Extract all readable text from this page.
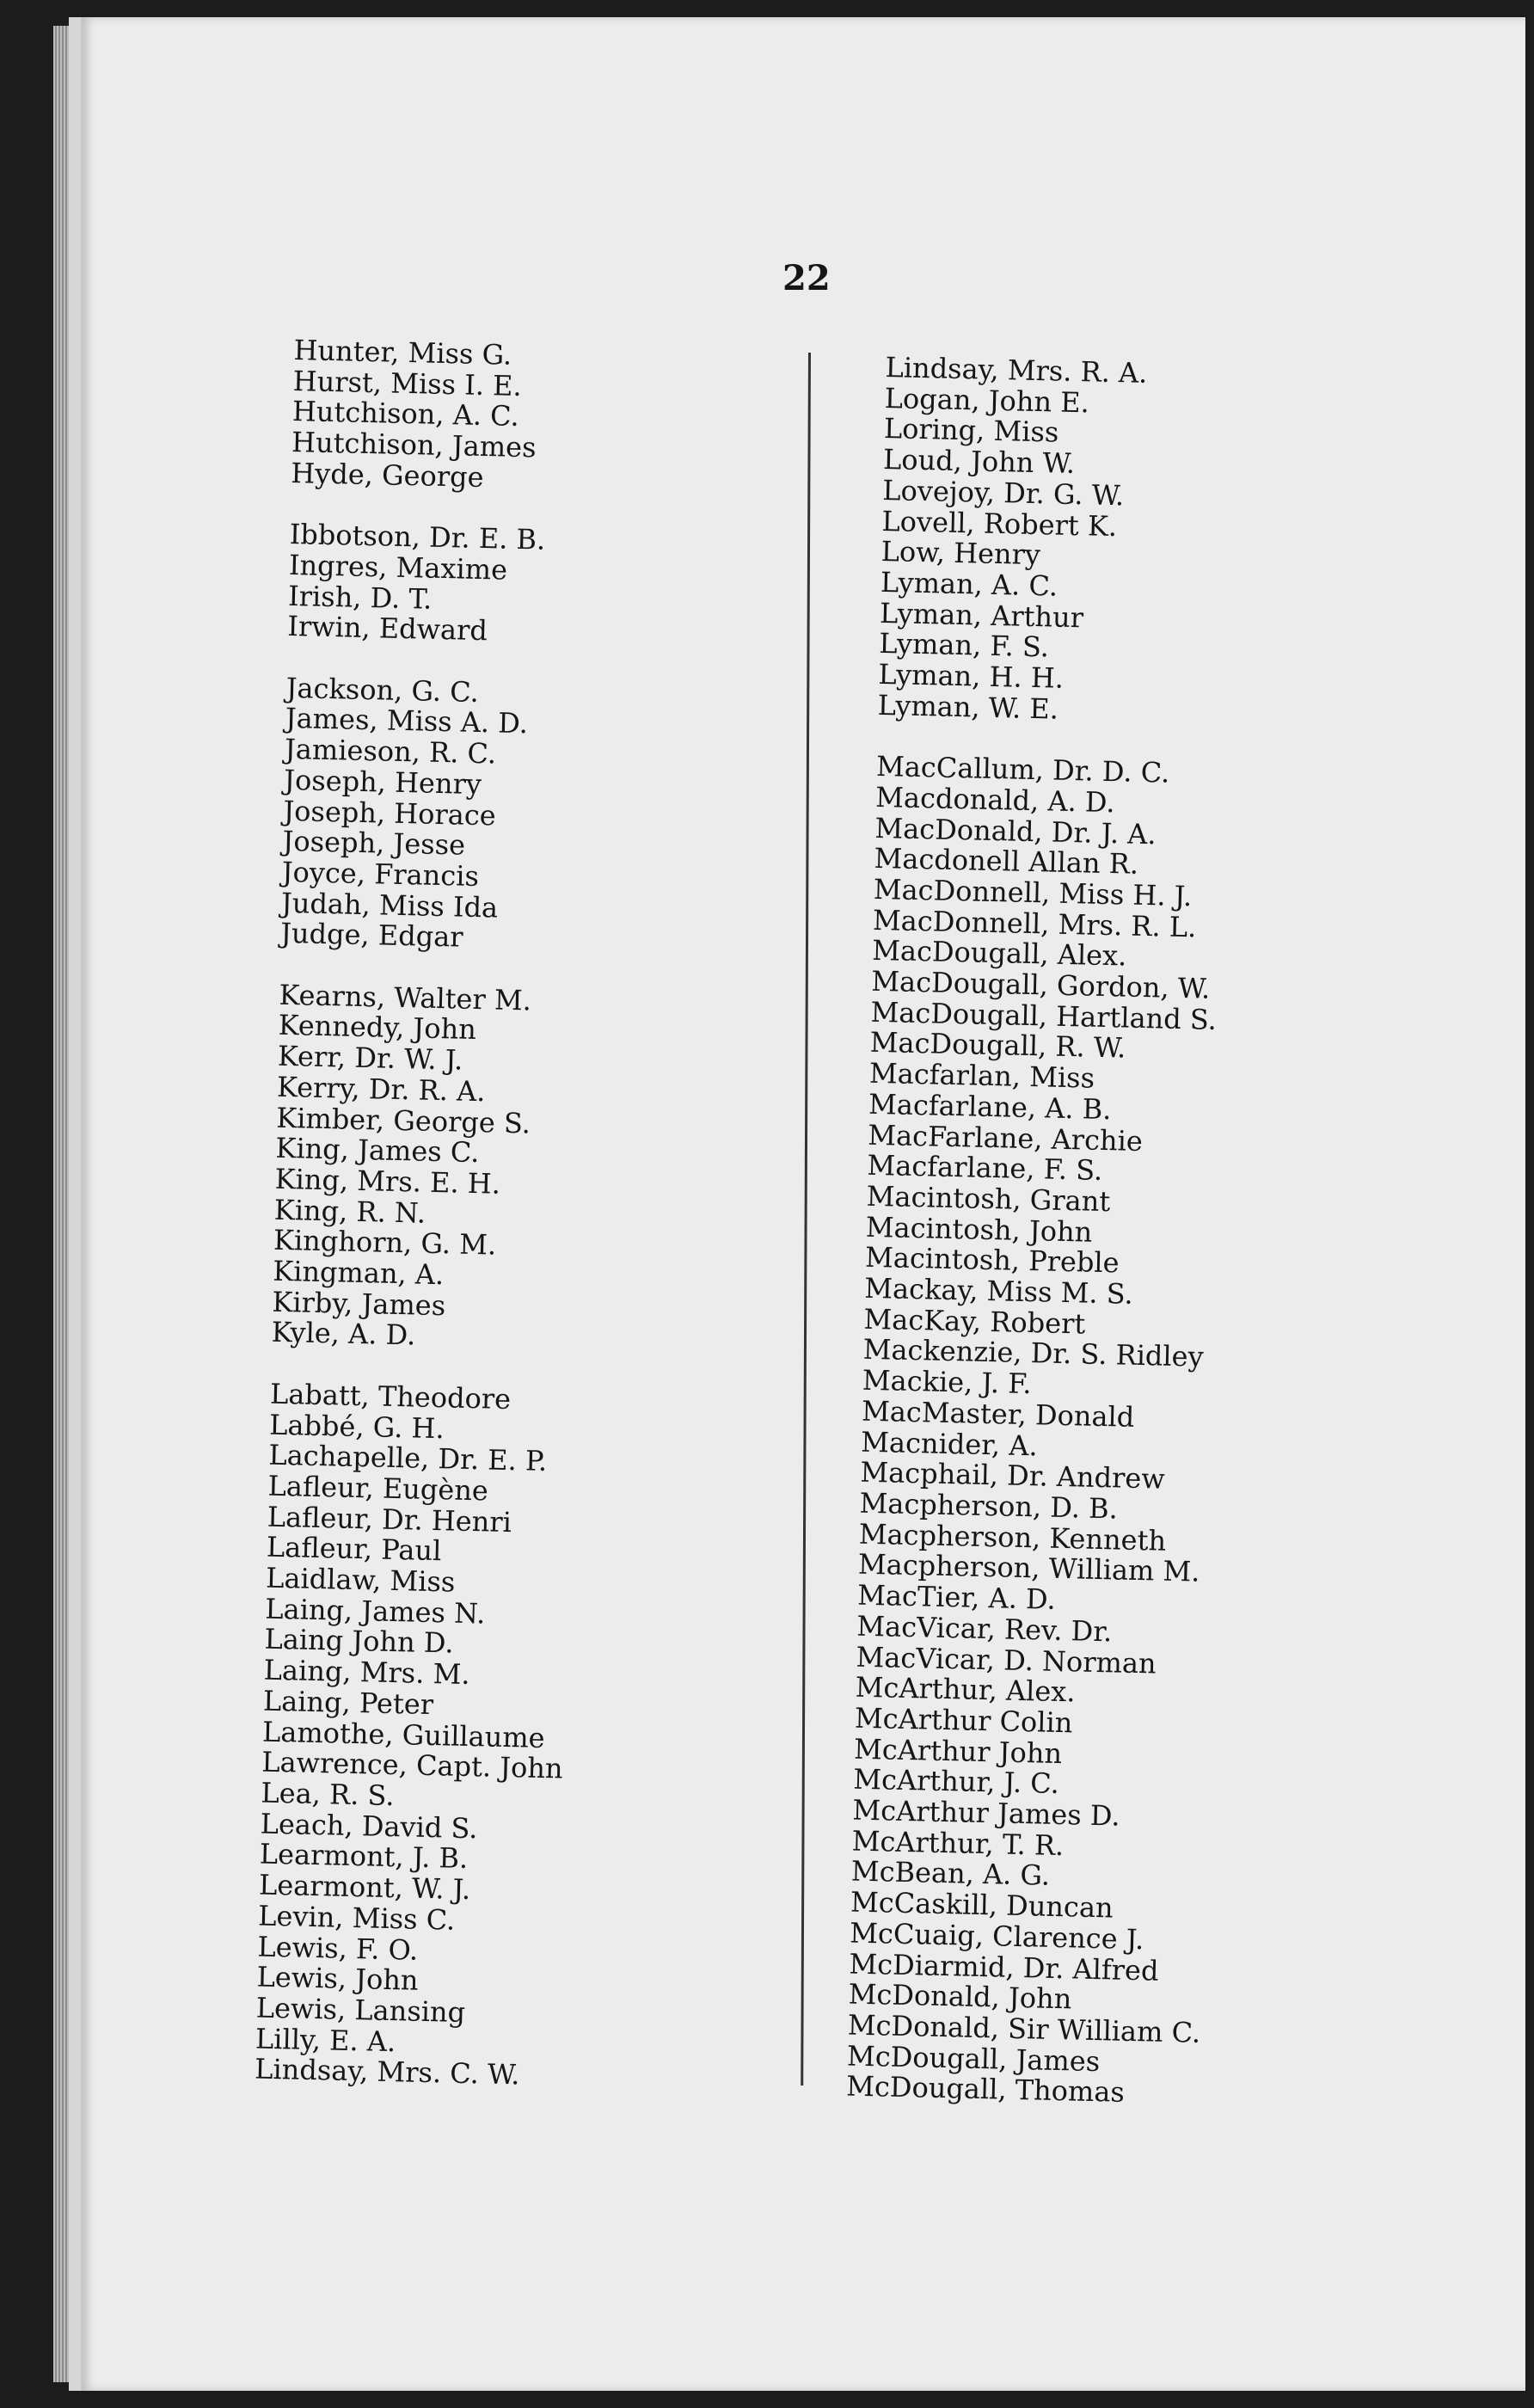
22
Hunter, Miss G.
Hurst, Miss I. E.
Hutchison, A. C.
Hutchison, James
Hyde, George
Ibbotson, Dr. E. B.
Ingres, Maxime
Irish, D. T.
Irwin, Edward
Jackson, G. C.
James, Miss A. D.
Jamieson, R. C.
Joseph, Henry
Joseph, Horace
Joseph, Jesse
Joyce, Francis
Judah, Miss Ida
Judge, Edgar
Kearns, Walter M.
Kennedy, John
Kerr, Dr. W. J.
Kerry, Dr. R. A.
Kimber, George S.
King, James C.
King, Mrs. E. H.
King, R. N.
Kinghorn, G. M.
Kingman, A.
Kirby, James
Kyle, A. D.
Labatt, Theodore
Labbé, G. H.
Lachapelle, Dr. E. P.
Lafleur, Eugène
Lafleur, Dr. Henri
Lafleur, Paul
Laidlaw, Miss
Laing, James N.
Laing John D.
Laing, Mrs. M.
Laing, Peter
Lamothe, Guillaume
Lawrence, Capt. John
Lea, R. S.
Leach, David S.
Learmont, J. B.
Learmont, W. J.
Levin, Miss C.
Lewis, F. O.
Lewis, John
Lewis, Lansing
Lilly, E. A.
Lindsay, Mrs. C. W.
Lindsay, Mrs. R. A.
Logan, John E.
Loring, Miss
Loud, John W.
Lovejoy, Dr. G. W.
Lovell, Robert K.
Low, Henry
Lyman, A. C.
Lyman, Arthur
Lyman, F. S.
Lyman, H. H.
Lyman, W. E.
MacCallum, Dr. D. C.
Macdonald, A. D.
MacDonald, Dr. J. A.
Macdonell Allan R.
MacDonnell, Miss H. J.
MacDonnell, Mrs. R. L.
MacDougall, Alex.
MacDougall, Gordon, W.
MacDougall, Hartland S.
MacDougall, R. W.
Macfarlan, Miss
Macfarlane, A. B.
MacFarlane, Archie
Macfarlane, F. S.
Macintosh, Grant
Macintosh, John
Macintosh, Preble
Mackay, Miss M. S.
MacKay, Robert
Mackenzie, Dr. S. Ridley
Mackie, J. F.
MacMaster, Donald
Macnider, A.
Macphail, Dr. Andrew
Macpherson, D. B.
Macpherson, Kenneth
Macpherson, William M.
MacTier, A. D.
MacVicar, Rev. Dr.
MacVicar, D. Norman
McArthur, Alex.
McArthur Colin
McArthur John
McArthur, J. C.
McArthur James D.
McArthur, T. R.
McBean, A. G.
McCaskill, Duncan
McCuaig, Clarence J.
McDiarmid, Dr. Alfred
McDonald, John
McDonald, Sir William C.
McDougall, James
McDougall, Thomas
